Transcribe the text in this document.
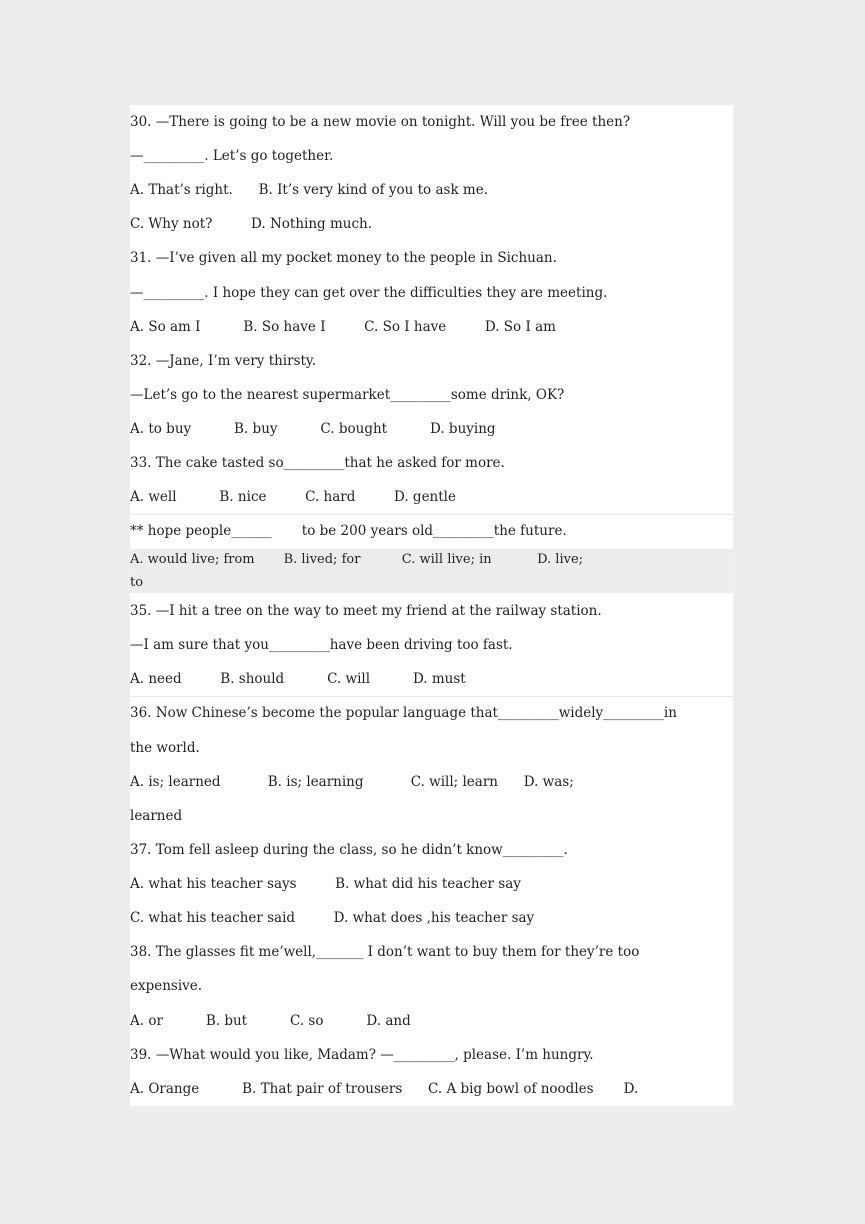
30. —There is going to be a new movie on tonight. Will you be free then?
—_________. Let’s go together.
A. That’s right.      B. It’s very kind of you to ask me.
C. Why not?         D. Nothing much.
31. —I’ve given all my pocket money to the people in Sichuan.
—_________. I hope they can get over the difficulties they are meeting.
A. So am I          B. So have I         C. So I have         D. So I am
32. —Jane, I’m very thirsty.
—Let’s go to the nearest supermarket_________some drink, OK?
A. to buy          B. buy          C. bought          D. buying
33. The cake tasted so_________that he asked for more.
A. well          B. nice         C. hard         D. gentle
** hope people______       to be 200 years old_________the future.
A. would live; from       B. lived; for          C. will live; in           D. live;
to
35. —I hit a tree on the way to meet my friend at the railway station.
—I am sure that you_________have been driving too fast.
A. need         B. should          C. will          D. must
36. Now Chinese’s become the popular language that_________widely_________in
the world.
A. is; learned           B. is; learning           C. will; learn      D. was;
learned
37. Tom fell asleep during the class, so he didn’t know_________.
A. what his teacher says         B. what did his teacher say
C. what his teacher said         D. what does ,his teacher say
38. The glasses fit me’well,_______ I don’t want to buy them for they’re too
expensive.
A. or          B. but          C. so          D. and
39. —What would you like, Madam? —_________, please. I’m hungry.
A. Orange          B. That pair of trousers      C. A big bowl of noodles       D.
